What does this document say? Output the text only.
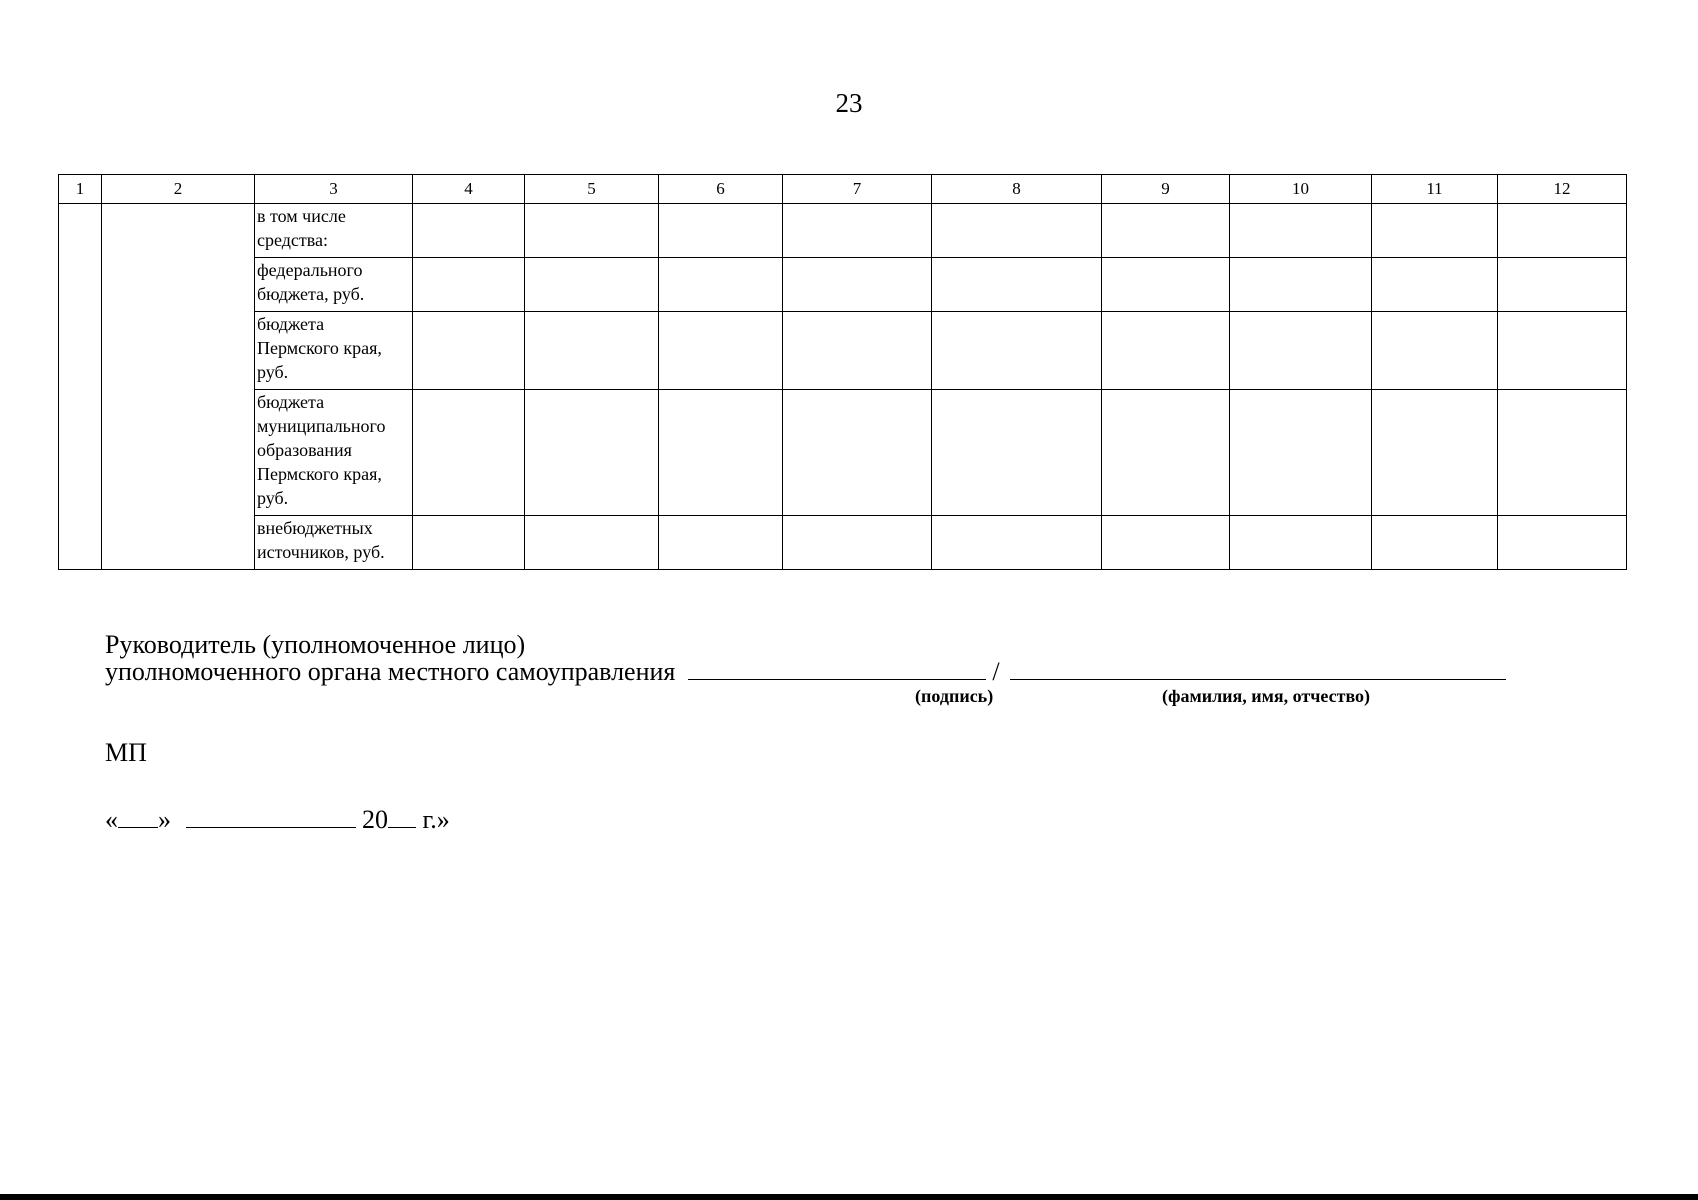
23
1	2	3	4	5	6	7	8	9	10	11	12
		в том числе средства:									
		федерального бюджета, руб.									
		бюджета Пермского края, руб.									
		бюджета муниципального образования Пермского края, руб.									
		внебюджетных источников, руб.									
Руководитель (уполномоченное лицо)
уполномоченного органа местного самоуправления	/
(подпись)	(фамилия, имя, отчество)
МП
« »	20 г.»
